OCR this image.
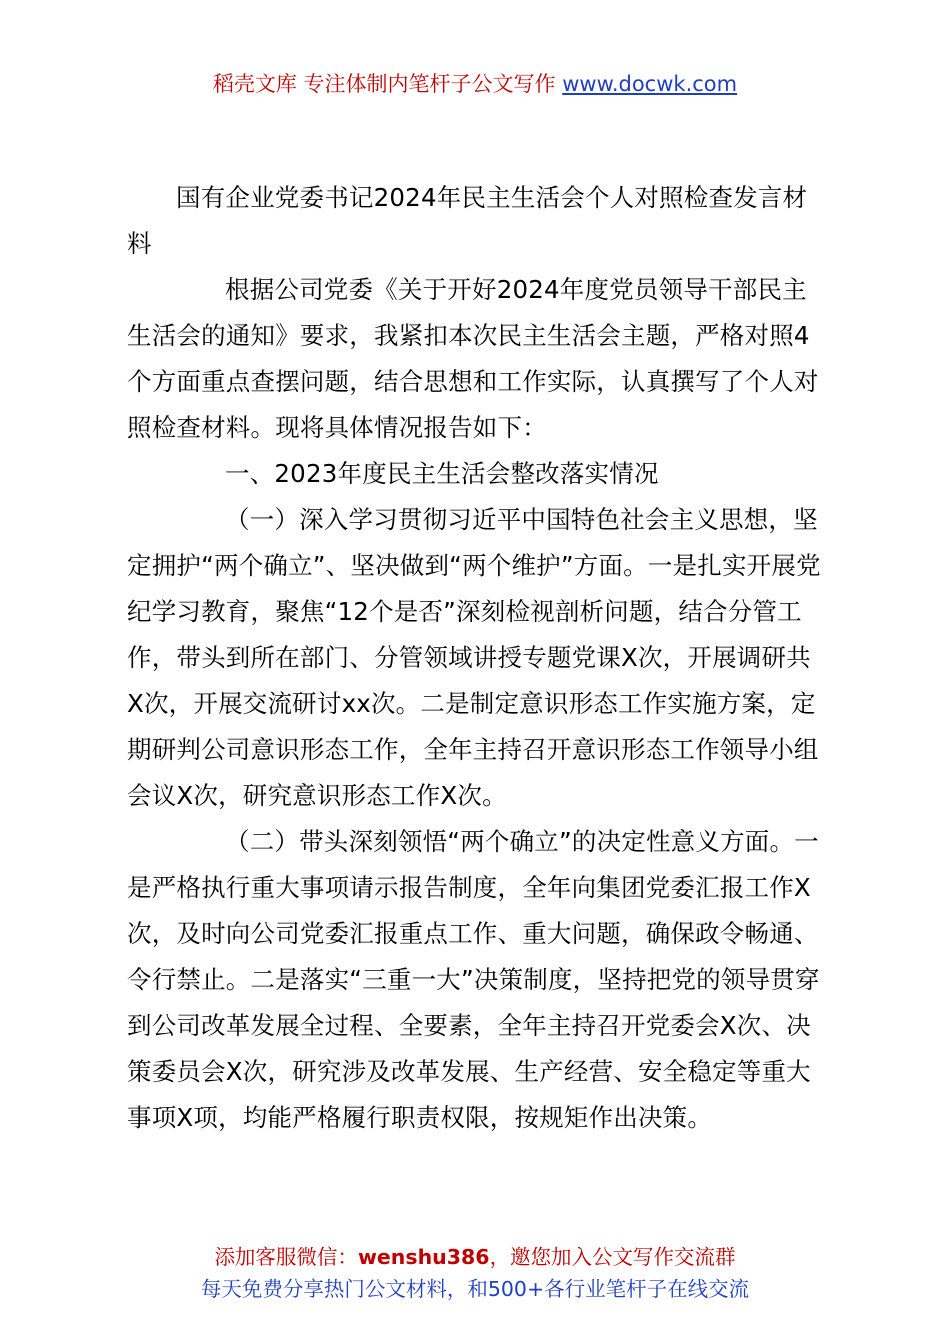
稻壳文库 专注体制内笔杆子公文写作 www.docwk.com

国有企业党委书记2024年民主生活会个人对照检查发言材料

根据公司党委《关于开好2024年度党员领导干部民主生活会的通知》要求，我紧扣本次民主生活会主题，严格对照4个方面重点查摆问题，结合思想和工作实际，认真撰写了个人对照检查材料。现将具体情况报告如下：

一、2023年度民主生活会整改落实情况

（一）深入学习贯彻习近平中国特色社会主义思想，坚定拥护“两个确立”、坚决做到“两个维护”方面。一是扎实开展党纪学习教育，聚焦“12个是否”深刻检视剖析问题，结合分管工作，带头到所在部门、分管领域讲授专题党课X次，开展调研共X次，开展交流研讨xx次。二是制定意识形态工作实施方案，定期研判公司意识形态工作，全年主持召开意识形态工作领导小组会议X次，研究意识形态工作X次。

（二）带头深刻领悟“两个确立”的决定性意义方面。一是严格执行重大事项请示报告制度，全年向集团党委汇报工作X次，及时向公司党委汇报重点工作、重大问题，确保政令畅通、令行禁止。二是落实“三重一大”决策制度，坚持把党的领导贯穿到公司改革发展全过程、全要素，全年主持召开党委会X次、决策委员会X次，研究涉及改革发展、生产经营、安全稳定等重大事项X项，均能严格履行职责权限，按规矩作出决策。

添加客服微信：wenshu386，邀您加入公文写作交流群
每天免费分享热门公文材料，和500+各行业笔杆子在线交流
